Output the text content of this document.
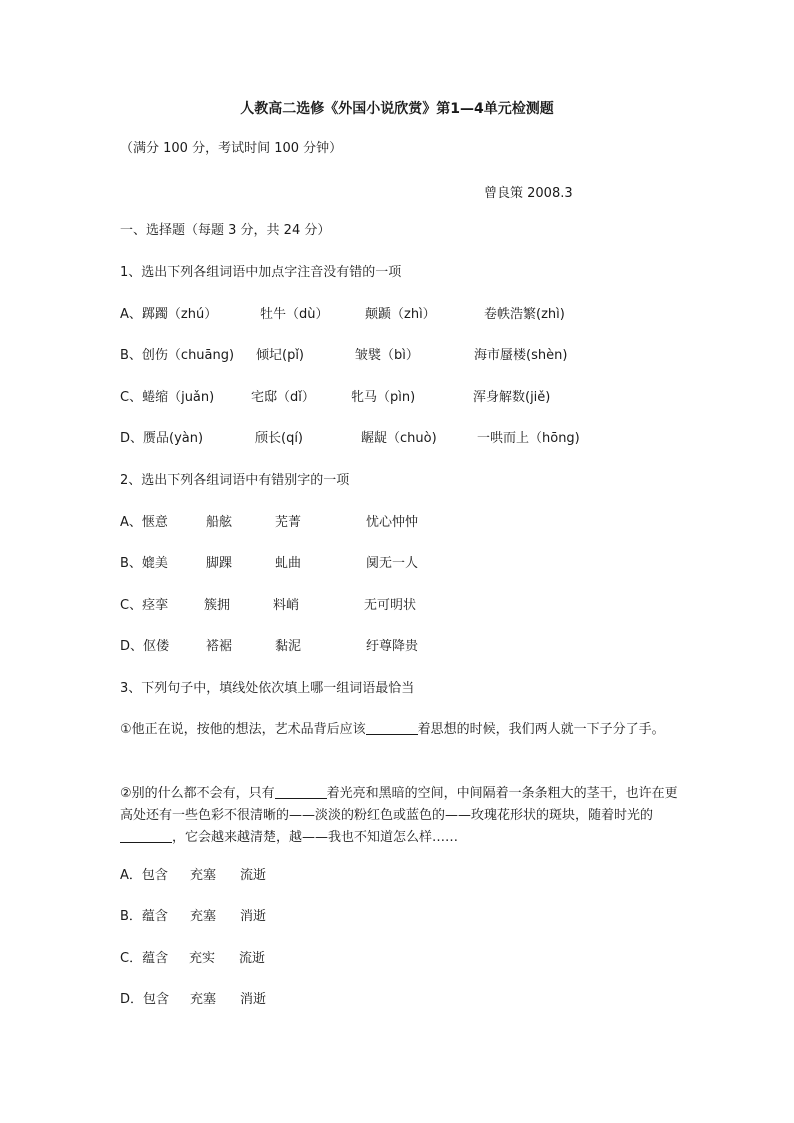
人教高二选修《外国小说欣赏》第1—4单元检测题
（满分 100 分，考试时间 100 分钟）
曾良策 2008.3
一、选择题（每题 3 分，共 24 分）
1、选出下列各组词语中加点字注音没有错的一项
A、踯躅（zhú）	牡牛（dù）	颠踬（zhì）	卷帙浩繁(zhì)
B、创伤（chuāng) 倾圮(pǐ)	皱襞（bì）	海市蜃楼(shèn)
C、蜷缩（juǎn)	宅邸（dǐ）	牝马（pìn)	浑身解数(jiě)
D、赝品(yàn)	颀长(qí)	龌龊（chuò)	一哄而上（hōng)
2、选出下列各组词语中有错别字的一项
A、惬意	船舷	芜菁	忧心忡忡
B、媲美	脚踝	虬曲	阒无一人
C、痉挛	簇拥	料峭	无可明状
D、伛偻	褡裾	黏泥	纡尊降贵
3、下列句子中，填线处依次填上哪一组词语最恰当
①他正在说，按他的想法，艺术品背后应该	着思想的时候，我们两人就一下子分了手。
②别的什么都不会有，只有	着光亮和黑暗的空间，中间隔着一条条粗大的茎干，也许在更高处还有一些色彩不很清晰的——淡淡的粉红色或蓝色的——玫瑰花形状的斑块，随着时光的，它会越来越清楚，越——我也不知道怎么样……
A．包含 充塞 流逝
B．蕴含 充塞 消逝
C．蕴含 充实 流逝
D．包含 充塞 消逝
